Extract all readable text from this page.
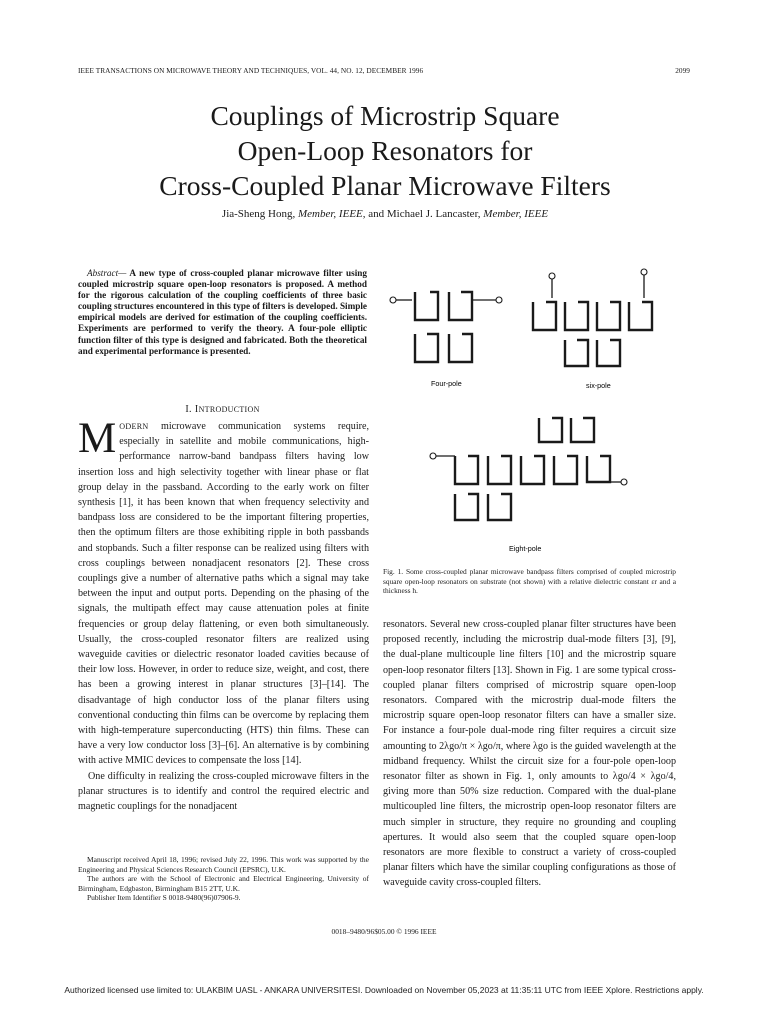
IEEE TRANSACTIONS ON MICROWAVE THEORY AND TECHNIQUES, VOL. 44, NO. 12, DECEMBER 1996	2099
Couplings of Microstrip Square
Open-Loop Resonators for
Cross-Coupled Planar Microwave Filters
Jia-Sheng Hong, Member, IEEE, and Michael J. Lancaster, Member, IEEE
Abstract— A new type of cross-coupled planar microwave filter using coupled microstrip square open-loop resonators is proposed. A method for the rigorous calculation of the coupling coefficients of three basic coupling structures encountered in this type of filters is developed. Simple empirical models are derived for estimation of the coupling coefficients. Experiments are performed to verify the theory. A four-pole elliptic function filter of this type is designed and fabricated. Both the theoretical and experimental performance is presented.
I. INTRODUCTION

MODERN microwave communication systems require, especially in satellite and mobile communications, high-performance narrow-band bandpass filters having low insertion loss and high selectivity together with linear phase or flat group delay in the passband. According to the early work on filter synthesis [1], it has been known that when frequency selectivity and bandpass loss are considered to be the important filtering properties, then the optimum filters are those exhibiting ripple in both passbands and stopbands. Such a filter response can be realized using filters with cross couplings between nonadjacent resonators [2]. These cross couplings give a number of alternative paths which a signal may take between the input and output ports. Depending on the phasing of the signals, the multipath effect may cause attenuation poles at finite frequencies or group delay flattening, or even both simultaneously. Usually, the cross-coupled resonator filters are realized using waveguide cavities or dielectric resonator loaded cavities because of their low loss. However, in order to reduce size, weight, and cost, there has been a growing interest in planar structures [3]–[14]. The disadvantage of high conductor loss of the planar filters using conventional conducting thin films can be overcome by replacing them with high-temperature superconducting (HTS) thin films. These can have a very low conductor loss [3]–[6]. An alternative is by combining with active MMIC devices to compensate the loss [14].

One difficulty in realizing the cross-coupled microwave filters in the planar structures is to identify and control the required electric and magnetic couplings for the nonadjacent

Manuscript received April 18, 1996; revised July 22, 1996. This work was supported by the Engineering and Physical Sciences Research Council (EPSRC), U.K.

The authors are with the School of Electronic and Electrical Engineering, University of Birmingham, Edgbaston, Birmingham B15 2TT, U.K.

Publisher Item Identifier S 0018-9480(96)07906-9.

Four-pole	six-pole
Eight-pole
Fig. 1. Some cross-coupled planar microwave bandpass filters comprised of coupled microstrip square open-loop resonators on substrate (not shown) with a relative dielectric constant εr and a thickness h.

resonators. Several new cross-coupled planar filter structures have been proposed recently, including the microstrip dual-mode filters [3], [9], the dual-plane multicouple line filters [10] and the microstrip square open-loop resonator filters [13]. Shown in Fig. 1 are some typical cross-coupled planar filters comprised of microstrip square open-loop resonators. Compared with the microstrip dual-mode filters the microstrip square open-loop resonator filters can have a smaller size. For instance a four-pole dual-mode ring filter requires a circuit size amounting to 2λgo/π × λgo/π, where λgo is the guided wavelength at the midband frequency. Whilst the circuit size for a four-pole open-loop resonator filter as shown in Fig. 1, only amounts to λgo/4 × λgo/4, giving more than 50% size reduction. Compared with the dual-plane multicoupled line filters, the microstrip open-loop resonator filters are much simpler in structure, they require no grounding and coupling apertures. It would also seem that the coupled square open-loop resonators are more flexible to construct a variety of cross-coupled planar filters which have the similar coupling configurations as those of waveguide cavity cross-coupled filters.

0018–9480/96$05.00 © 1996 IEEE
Authorized licensed use limited to: ULAKBIM UASL - ANKARA UNIVERSITESI. Downloaded on November 05,2023 at 11:35:11 UTC from IEEE Xplore. Restrictions apply.
